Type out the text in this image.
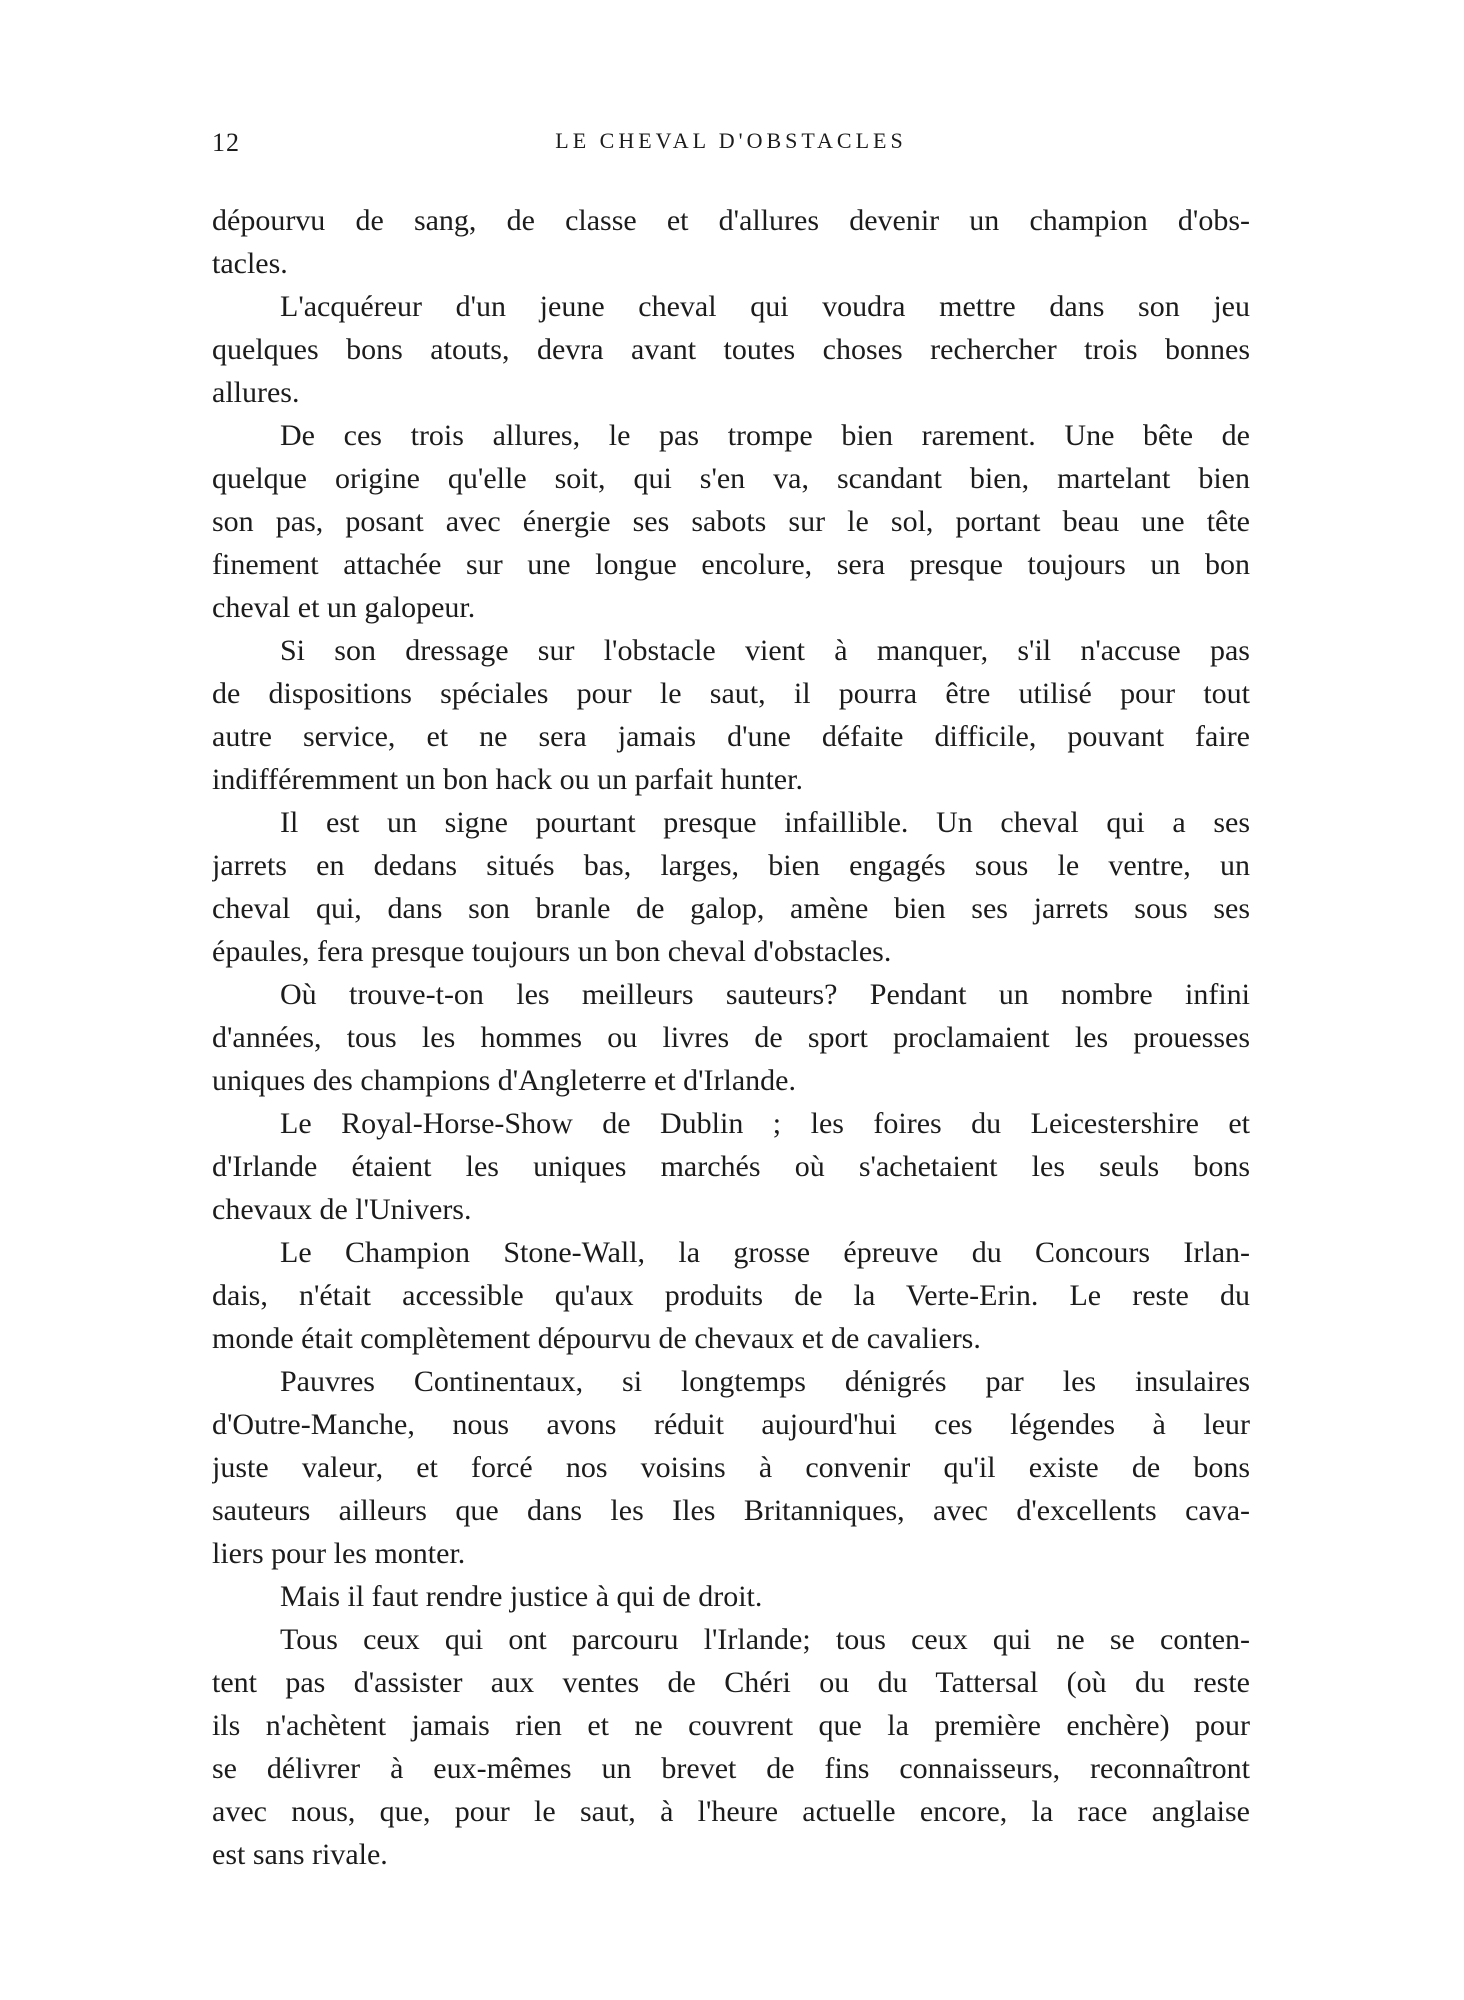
12	LE CHEVAL D'OBSTACLES
dépourvu de sang, de classe et d'allures devenir un champion d'obs-
tacles.
L'acquéreur d'un jeune cheval qui voudra mettre dans son jeu
quelques bons atouts, devra avant toutes choses rechercher trois bonnes
allures.
De ces trois allures, le pas trompe bien rarement. Une bête de
quelque origine qu'elle soit, qui s'en va, scandant bien, martelant bien
son pas, posant avec énergie ses sabots sur le sol, portant beau une tête
finement attachée sur une longue encolure, sera presque toujours un bon
cheval et un galopeur.
Si son dressage sur l'obstacle vient à manquer, s'il n'accuse pas
de dispositions spéciales pour le saut, il pourra être utilisé pour tout
autre service, et ne sera jamais d'une défaite difficile, pouvant faire
indifféremment un bon hack ou un parfait hunter.
Il est un signe pourtant presque infaillible. Un cheval qui a ses
jarrets en dedans situés bas, larges, bien engagés sous le ventre, un
cheval qui, dans son branle de galop, amène bien ses jarrets sous ses
épaules, fera presque toujours un bon cheval d'obstacles.
Où trouve-t-on les meilleurs sauteurs? Pendant un nombre infini
d'années, tous les hommes ou livres de sport proclamaient les prouesses
uniques des champions d'Angleterre et d'Irlande.
Le Royal-Horse-Show de Dublin ; les foires du Leicestershire et
d'Irlande étaient les uniques marchés où s'achetaient les seuls bons
chevaux de l'Univers.
Le Champion Stone-Wall, la grosse épreuve du Concours Irlan-
dais, n'était accessible qu'aux produits de la Verte-Erin. Le reste du
monde était complètement dépourvu de chevaux et de cavaliers.
Pauvres Continentaux, si longtemps dénigrés par les insulaires
d'Outre-Manche, nous avons réduit aujourd'hui ces légendes à leur
juste valeur, et forcé nos voisins à convenir qu'il existe de bons
sauteurs ailleurs que dans les Iles Britanniques, avec d'excellents cava-
liers pour les monter.
Mais il faut rendre justice à qui de droit.
Tous ceux qui ont parcouru l'Irlande; tous ceux qui ne se conten-
tent pas d'assister aux ventes de Chéri ou du Tattersal (où du reste
ils n'achètent jamais rien et ne couvrent que la première enchère) pour
se délivrer à eux-mêmes un brevet de fins connaisseurs, reconnaîtront
avec nous, que, pour le saut, à l'heure actuelle encore, la race anglaise
est sans rivale.
